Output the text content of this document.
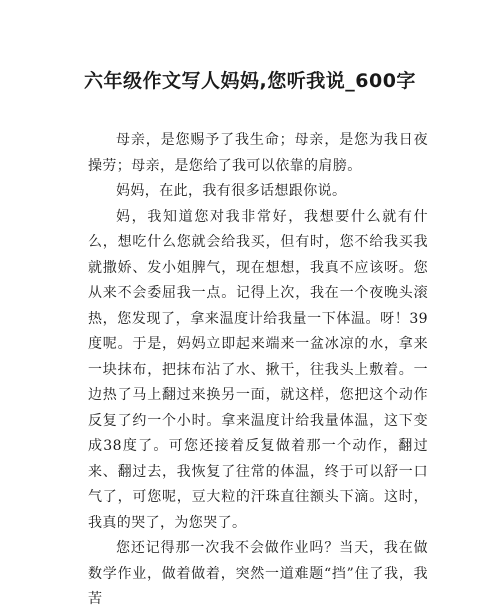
六年级作文写人妈妈,您听我说_600字

母亲，是您赐予了我生命；母亲，是您为我日夜操劳；母亲，是您给了我可以依靠的肩膀。

妈妈，在此，我有很多话想跟你说。

妈，我知道您对我非常好，我想要什么就有什么，想吃什么您就会给我买，但有时，您不给我买我就撒娇、发小姐脾气，现在想想，我真不应该呀。您从来不会委屈我一点。记得上次，我在一个夜晚头滚热，您发现了，拿来温度计给我量一下体温。呀！39度呢。于是，妈妈立即起来端来一盆冰凉的水，拿来一块抹布，把抹布沾了水、揪干，往我头上敷着。一边热了马上翻过来换另一面，就这样，您把这个动作反复了约一个小时。拿来温度计给我量体温，这下变成38度了。可您还接着反复做着那一个动作，翻过来、翻过去，我恢复了往常的体温，终于可以舒一口气了，可您呢，豆大粒的汗珠直往额头下滴。这时，我真的哭了，为您哭了。

您还记得那一次我不会做作业吗？当天，我在做数学作业，做着做着，突然一道难题“挡”住了我，我苦
